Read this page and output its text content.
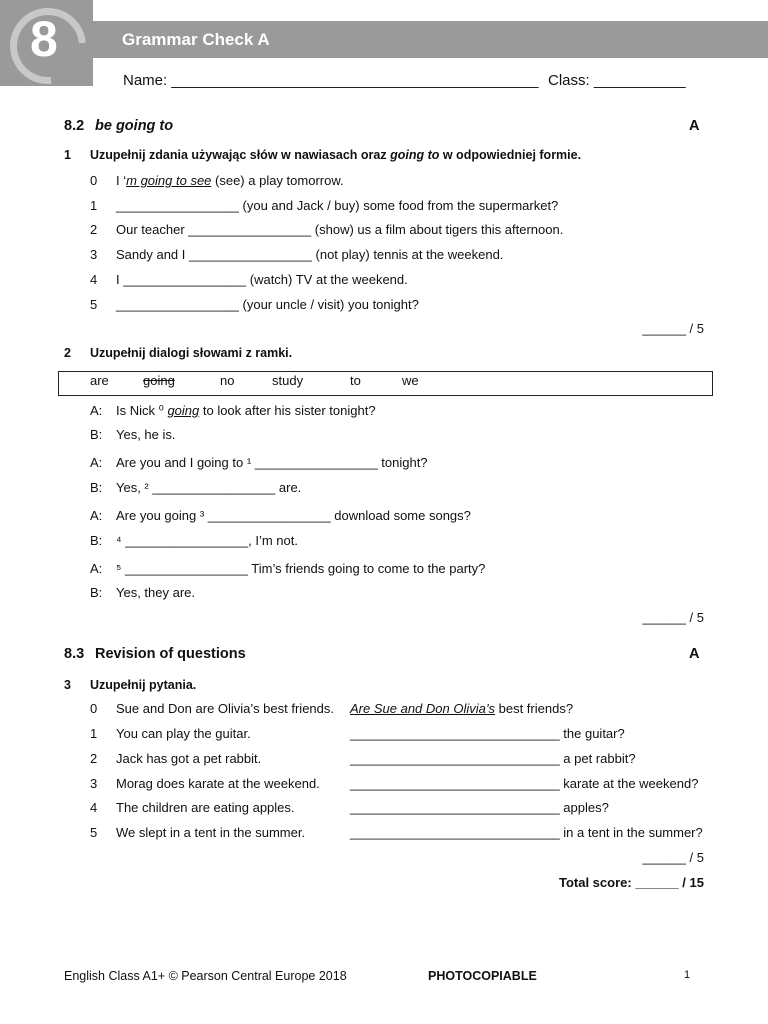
8	Grammar Check A
Name: ____________________________________________ Class: ___________
8.2 be going to	A
1 Uzupełnij zdania używając słów w nawiasach oraz going to w odpowiedniej formie.
0 I ‘m going to see (see) a play tomorrow.
1 _________________ (you and Jack / buy) some food from the supermarket?
2 Our teacher _________________ (show) us a film about tigers this afternoon.
3 Sandy and I _________________ (not play) tennis at the weekend.
4 I _________________ (watch) TV at the weekend.
5 _________________ (your uncle / visit) you tonight?
______ / 5
2 Uzupełnij dialogi słowami z ramki.
are	going	no	study	to	we
A: Is Nick ⁰ going to look after his sister tonight?
B: Yes, he is.
A: Are you and I going to ¹ _________________ tonight?
B: Yes, ² _________________ are.
A: Are you going ³ _________________ download some songs?
B: ⁴ _________________, I’m not.
A: ⁵ _________________ Tim’s friends going to come to the party?
B: Yes, they are.
______ / 5
8.3 Revision of questions	A
3 Uzupełnij pytania.
0 Sue and Don are Olivia’s best friends. Are Sue and Don Olivia’s best friends?
1 You can play the guitar.	_____________________________ the guitar?
2 Jack has got a pet rabbit.	_____________________________ a pet rabbit?
3 Morag does karate at the weekend. _____________________________ karate at the weekend?
4 The children are eating apples.	_____________________________ apples?
5 We slept in a tent in the summer.	_____________________________ in a tent in the summer?
______ / 5
Total score: ______ / 15
English Class A1+ © Pearson Central Europe 2018	PHOTOCOPIABLE	1
